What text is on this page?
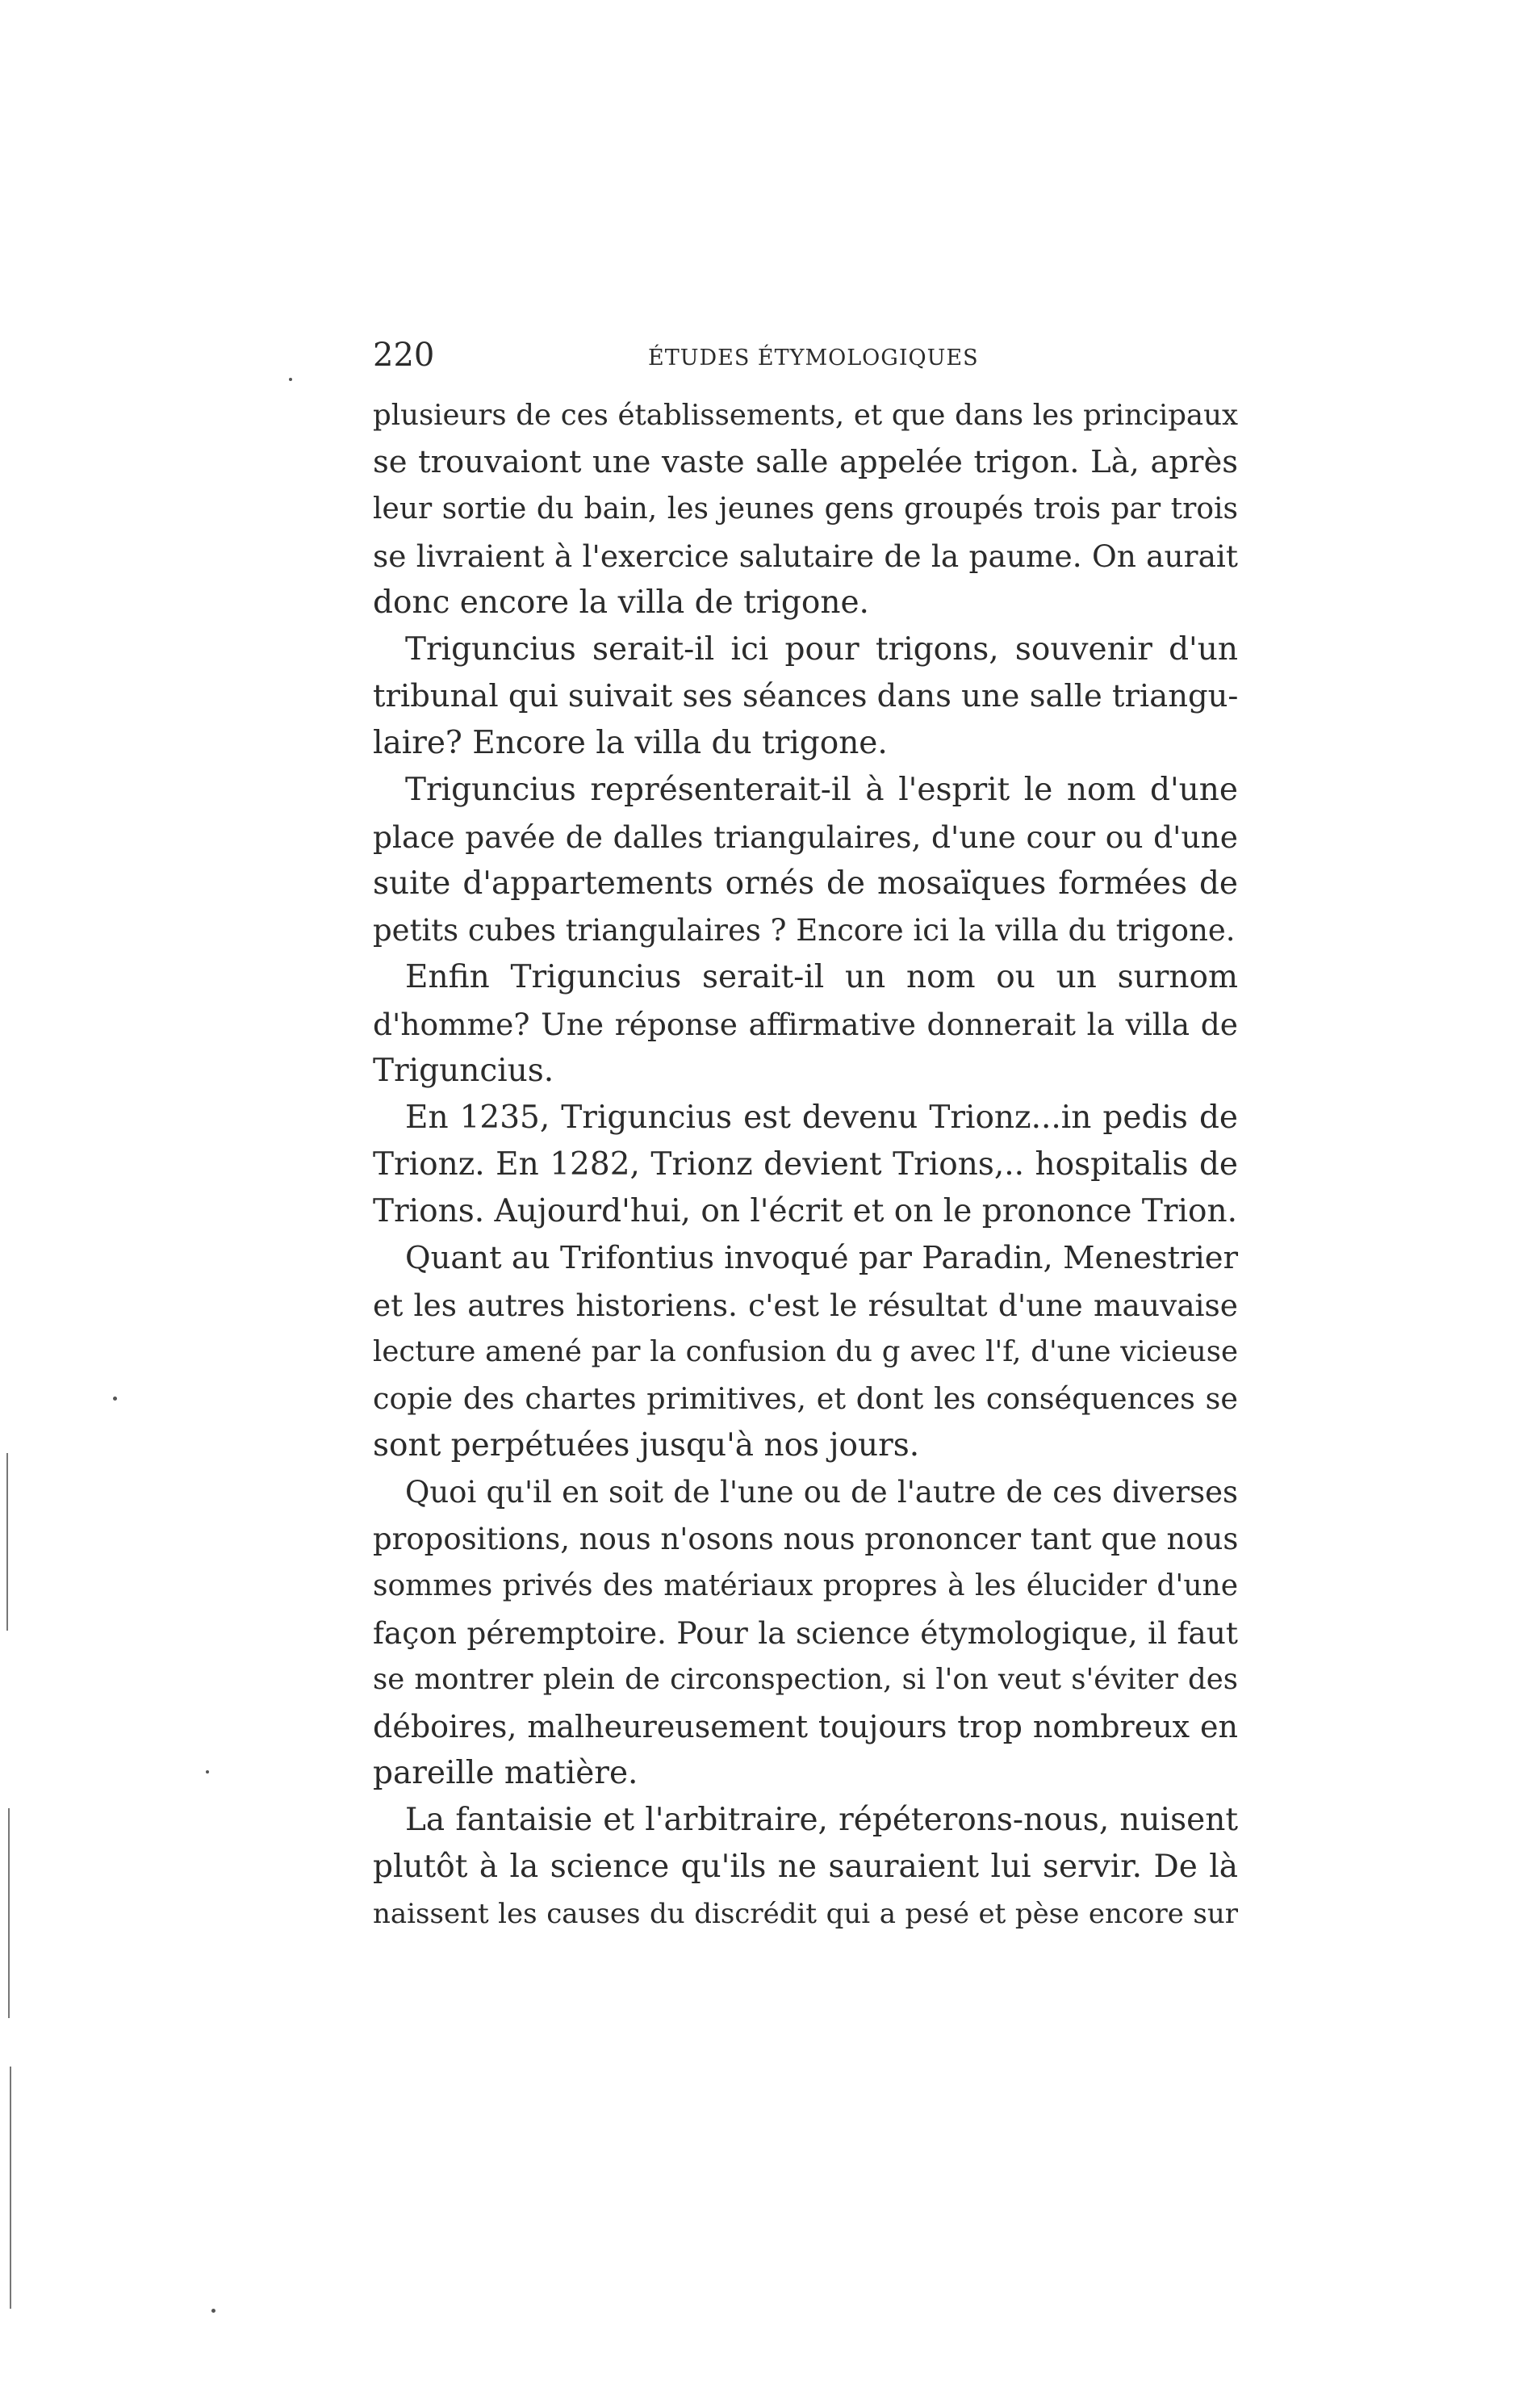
220	ÉTUDES ÉTYMOLOGIQUES
plusieurs de ces établissements, et que dans les principaux
se trouvaiont une vaste salle appelée trigon. Là, après
leur sortie du bain, les jeunes gens groupés trois par trois
se livraient à l'exercice salutaire de la paume. On aurait
donc encore la villa de trigone.
Triguncius serait-il ici pour trigons, souvenir d'un
tribunal qui suivait ses séances dans une salle triangu-
laire? Encore la villa du trigone.
Triguncius représenterait-il à l'esprit le nom d'une
place pavée de dalles triangulaires, d'une cour ou d'une
suite d'appartements ornés de mosaïques formées de
petits cubes triangulaires ? Encore ici la villa du trigone.
Enfin Triguncius serait-il un nom ou un surnom
d'homme? Une réponse affirmative donnerait la villa de
Triguncius.
En 1235, Triguncius est devenu Trionz...in pedis de
Trionz. En 1282, Trionz devient Trions,.. hospitalis de
Trions. Aujourd'hui, on l'écrit et on le prononce Trion.
Quant au Trifontius invoqué par Paradin, Menestrier
et les autres historiens. c'est le résultat d'une mauvaise
lecture amené par la confusion du g avec l'f, d'une vicieuse
copie des chartes primitives, et dont les conséquences se
sont perpétuées jusqu'à nos jours.
Quoi qu'il en soit de l'une ou de l'autre de ces diverses
propositions, nous n'osons nous prononcer tant que nous
sommes privés des matériaux propres à les élucider d'une
façon péremptoire. Pour la science étymologique, il faut
se montrer plein de circonspection, si l'on veut s'éviter des
déboires, malheureusement toujours trop nombreux en
pareille matière.
La fantaisie et l'arbitraire, répéterons-nous, nuisent
plutôt à la science qu'ils ne sauraient lui servir. De là
naissent les causes du discrédit qui a pesé et pèse encore sur
